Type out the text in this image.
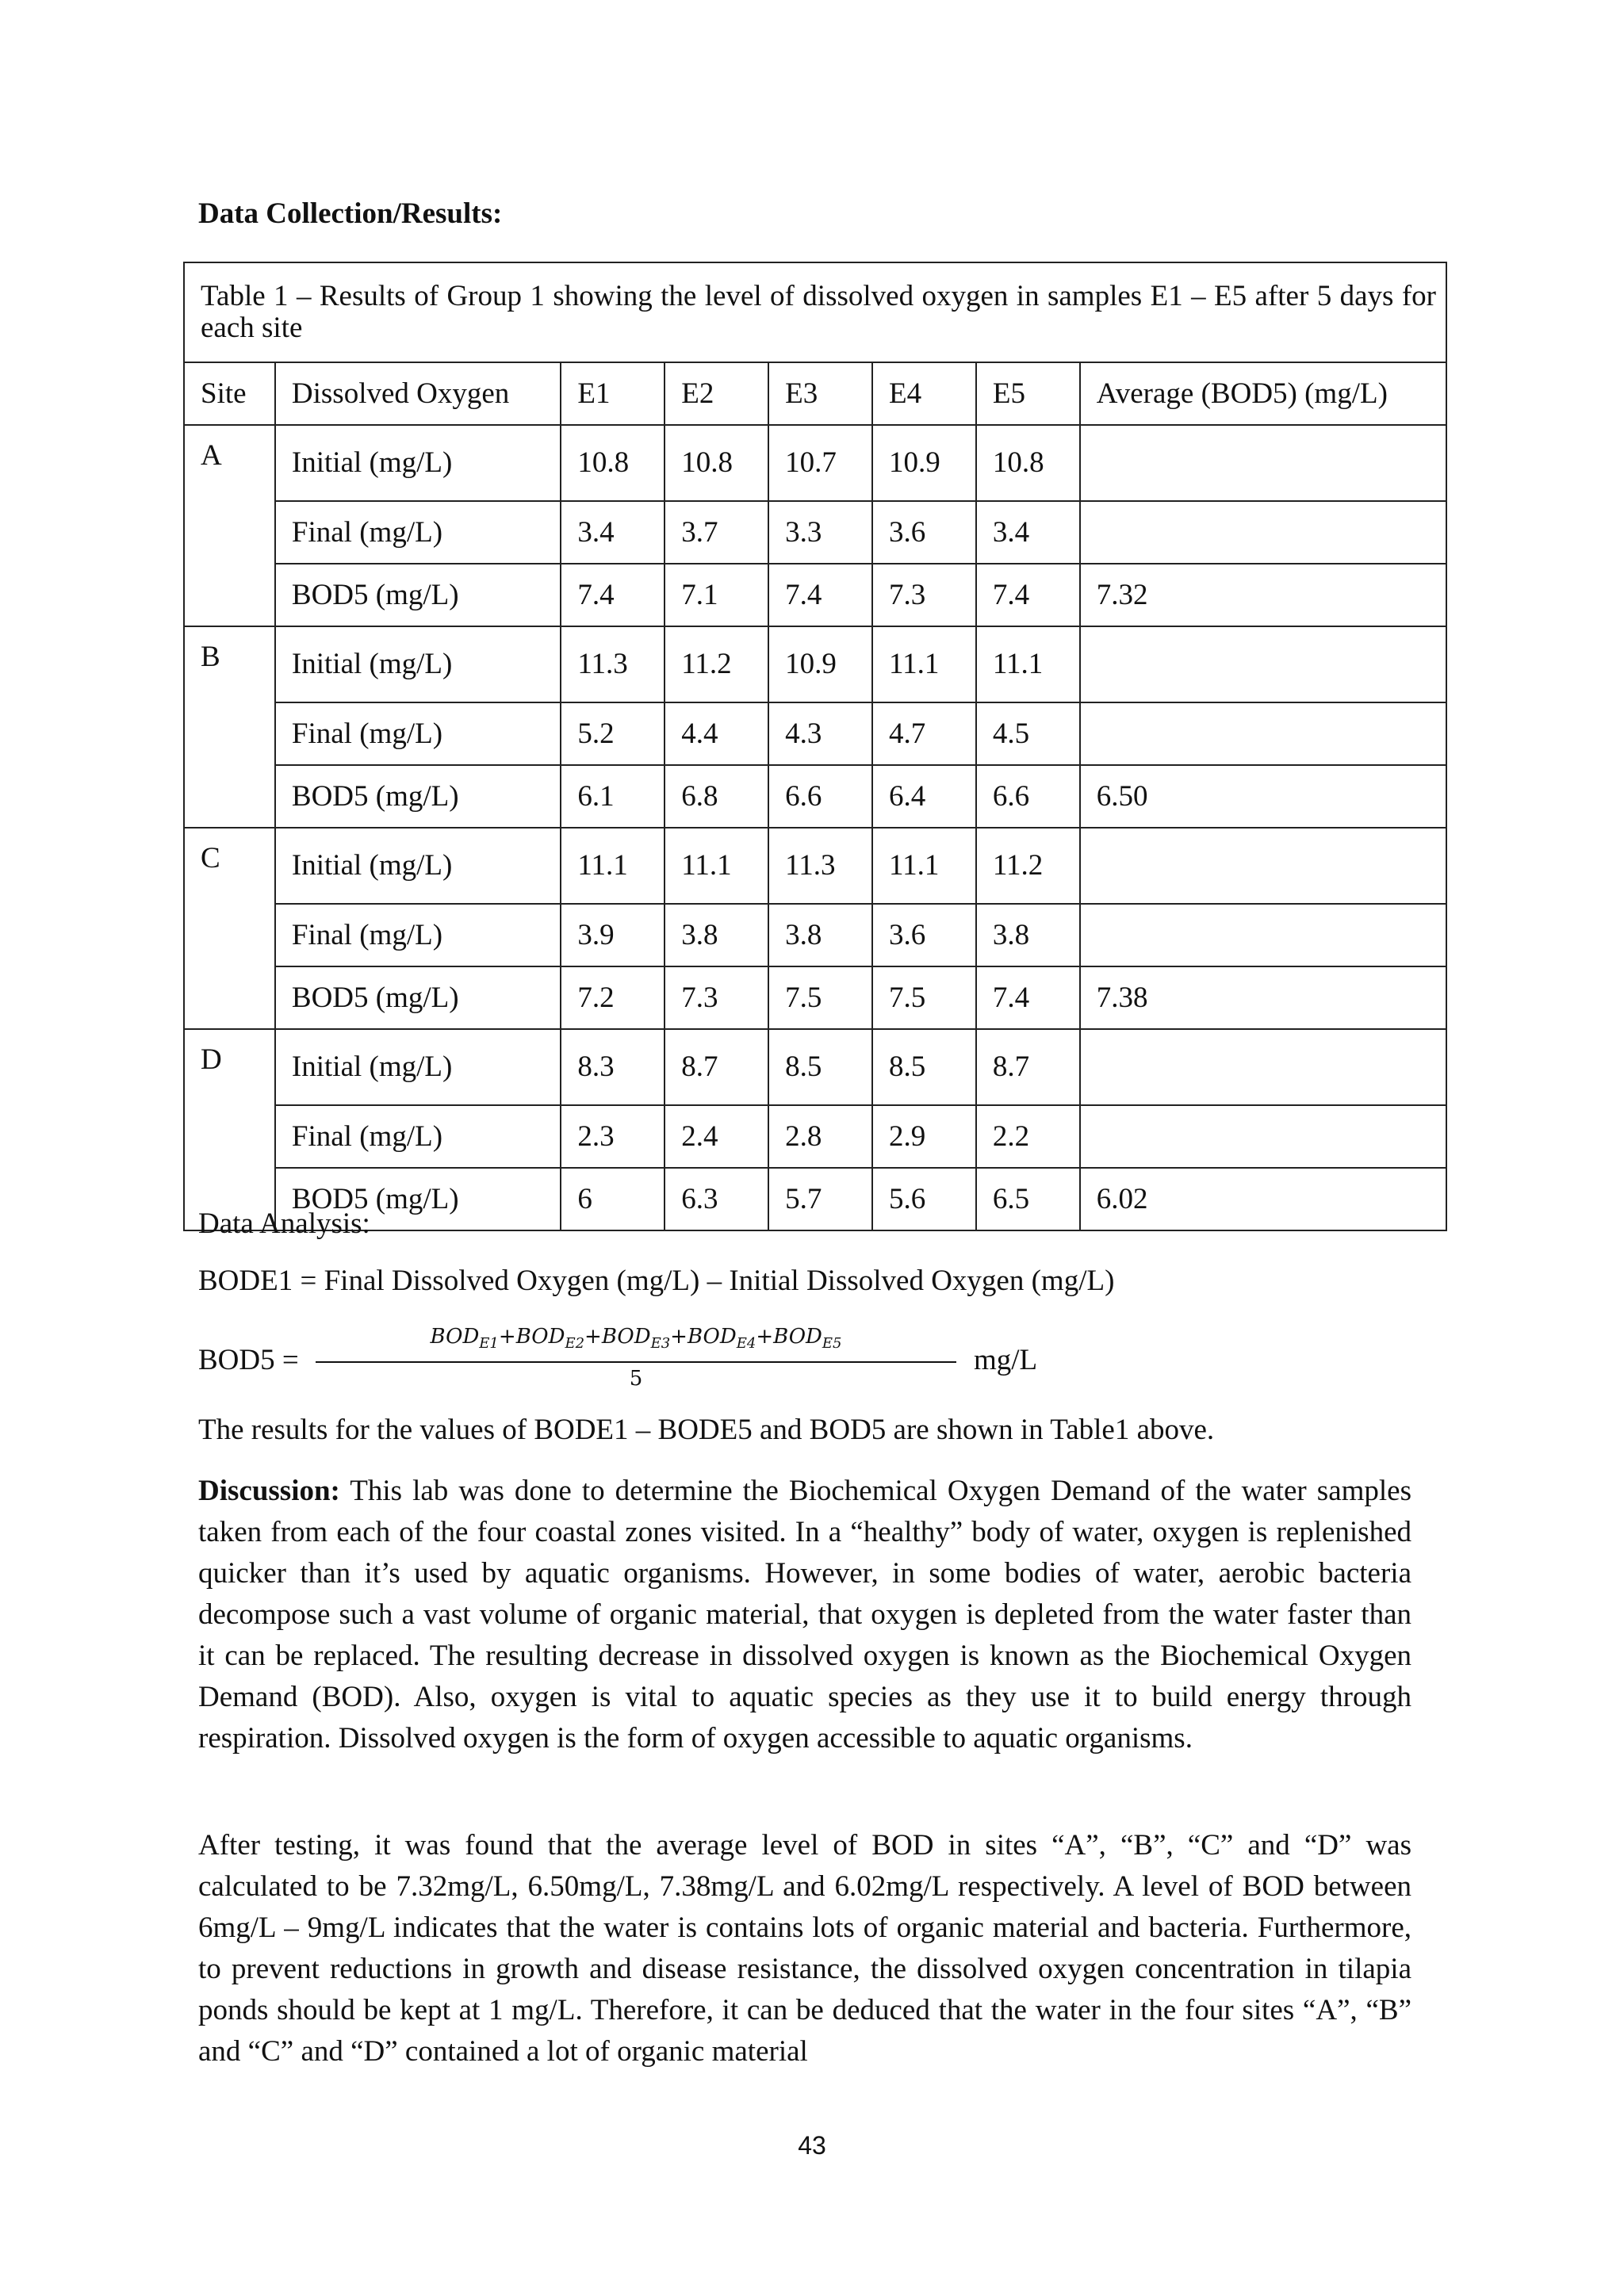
Data Collection/Results:
Table 1 – Results of Group 1 showing the level of dissolved oxygen in samples E1 – E5 after 5 days for each site							
Site	Dissolved Oxygen	E1	E2	E3	E4	E5	Average (BOD5) (mg/L)
A	Initial (mg/L)	10.8	10.8	10.7	10.9	10.8	
	Final (mg/L)	3.4	3.7	3.3	3.6	3.4	
	BOD5 (mg/L)	7.4	7.1	7.4	7.3	7.4	7.32
B	Initial (mg/L)	11.3	11.2	10.9	11.1	11.1	
	Final (mg/L)	5.2	4.4	4.3	4.7	4.5	
	BOD5 (mg/L)	6.1	6.8	6.6	6.4	6.6	6.50
C	Initial (mg/L)	11.1	11.1	11.3	11.1	11.2	
	Final (mg/L)	3.9	3.8	3.8	3.6	3.8	
	BOD5 (mg/L)	7.2	7.3	7.5	7.5	7.4	7.38
D	Initial (mg/L)	8.3	8.7	8.5	8.5	8.7	
	Final (mg/L)	2.3	2.4	2.8	2.9	2.2	
	BOD5 (mg/L)	6	6.3	5.7	5.6	6.5	6.02
Data Analysis:
BODE1 = Final Dissolved Oxygen (mg/L) – Initial Dissolved Oxygen (mg/L)
BOD5 =
$BOD_{E1}+BOD_{E2}+BOD_{E3}+BOD_{E4}+BOD_{E5}$
5
mg/L
The results for the values of BODE1 – BODE5 and BOD5 are shown in Table1 above.
Discussion: This lab was done to determine the Biochemical Oxygen Demand of the water samples taken from each of the four coastal zones visited. In a “healthy” body of water, oxygen is replenished quicker than it’s used by aquatic organisms. However, in some bodies of water, aerobic bacteria decompose such a vast volume of organic material, that oxygen is depleted from the water faster than it can be replaced. The resulting decrease in dissolved oxygen is known as the Biochemical Oxygen Demand (BOD). Also, oxygen is vital to aquatic species as they use it to build energy through respiration. Dissolved oxygen is the form of oxygen accessible to aquatic organisms.
After testing, it was found that the average level of BOD in sites “A”, “B”, “C” and “D” was calculated to be 7.32mg/L, 6.50mg/L, 7.38mg/L and 6.02mg/L respectively. A level of BOD between 6mg/L – 9mg/L indicates that the water is contains lots of organic material and bacteria. Furthermore, to prevent reductions in growth and disease resistance, the dissolved oxygen concentration in tilapia ponds should be kept at 1 mg/L. Therefore, it can be deduced that the water in the four sites “A”, “B” and “C” and “D” contained a lot of organic material
43
